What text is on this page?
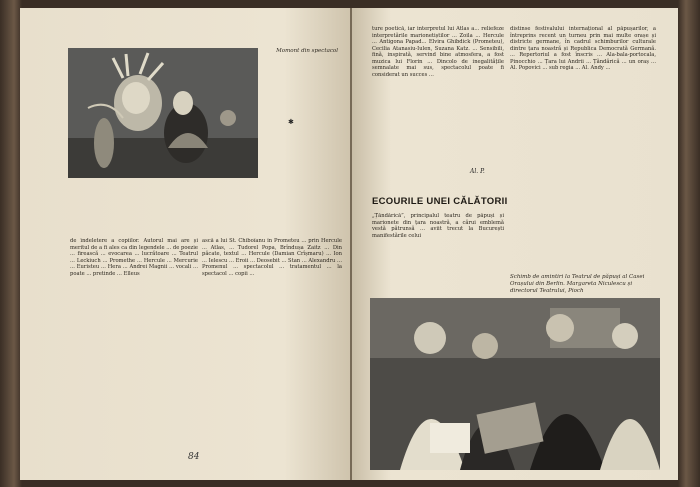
Momont din spectacol
✱

de îndeletere a copiilor. Autorul mai are și meritul de a fi ales ca din legendele ... de poezie ... firească ... evocarea ... lucrătoare ... Teatrul ... Leckiuch ... Promethe ... Hercule ... Mercurie ... Euristeu ... Hera ... Andrei Magnii ... vocali ... poate ... pretinde ... Elleus

ască a lui St. Chiboîanu în Prometeu ... prin Hercule ... Atlas, ... Tudorel Popa, Brîndușa Zaitz ... Din păcate, textul ... Hercule (Damian Crîșmaru) ... Ion ... Ielescu ... Eroii ... Deosebit ... Stan ... Alexandru ... Promenul ... spectacolul ... tratamentul ... la spectacol ... copii ...

84

ture poetică, iar interpretul lui Atlas a... reliefeze interpretările marionetiștilor ... Zoila ... Hercule ... Antigona Papad... Elvira Ghibdick (Prometeu), Cecilia Atanasiu-Iulen, Suzana Katz. ... Sensibili, fină, inspirată, servind bine atmosfera, a fost muzica lui Florin ... Dincolo de inegalitățile semnalate mai sus, spectacolul poate fi considerat un succes ...

distinse festivalului internațional al păpușarilor, a întreprins recent un turneu prin mai multe orașe și districte germane, în cadrul schimburilor culturale dintre țara noastră și Republica Democrată Germană. ... Repertoriul a fost înscris ... Ala-bala-portocala, Pinocchio ... Țara lui Andrii ... Țăndărică ... un oraș ... Al. Popovici ... sub regia ... Al. Andy ...

„Țăndărică”, principalul teatru de păpuși și marionete din țara noastră, a cărui emblemă vestă pătrunsă ... aviit trecut la București manifestările celui

Al. P.
ECOURILE UNEI CĂLĂTORII
Schimb de amintiri la Teatrul de păpuși al Casei Orașului din Berlin. Margareta Niculescu și directorul Teatrului, Pioch
